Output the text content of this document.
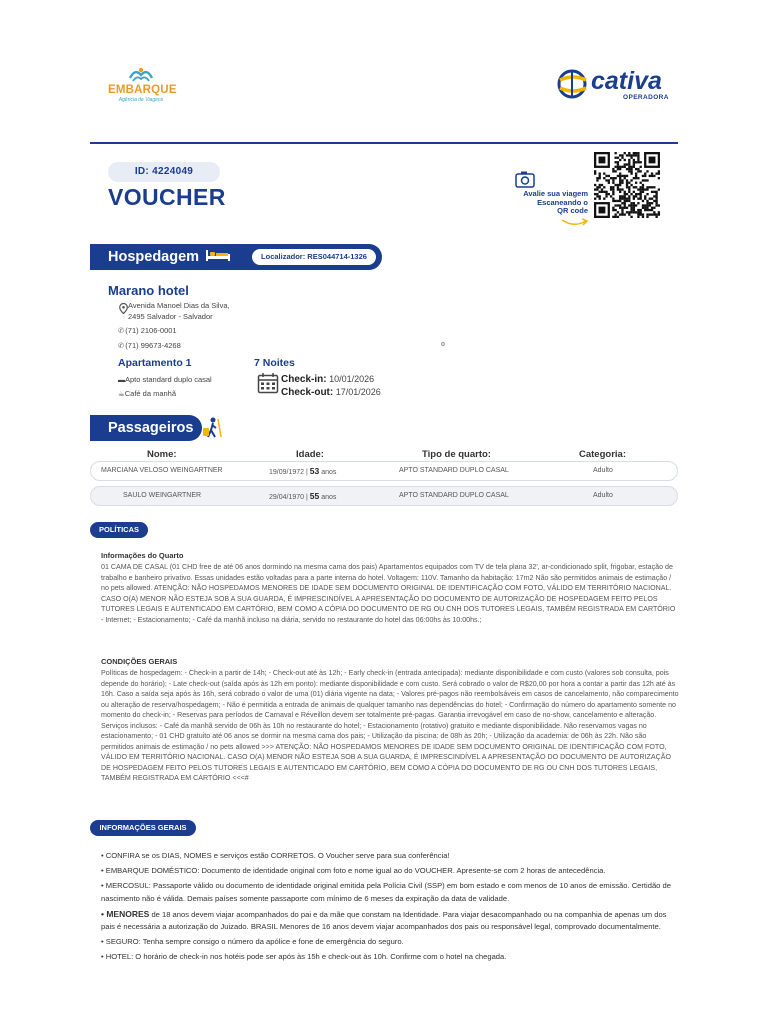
EMBARQUE
Agência de Viagens
cativa
OPERADORA
ID: 4224049
VOUCHER	Avalie sua viagem
Escaneando o
QR code
Hospedagem	Localizador: RES044714-1326
Marano hotel
Avenida Manoel Dias da Silva,
2495 Salvador - Salvador
✆(71) 2106-0001
✆(71) 99673-4268
Apartamento 1
▬Apto standard duplo casal
☕Café da manhã
7 Noites
Check-in: 10/01/2026
Check-out: 17/01/2026
Passageiros
Nome:	Idade:	Tipo de quarto:	Categoria:
MARCIANA VELOSO WEINGARTNER	19/09/1972 | 53 anos	APTO STANDARD DUPLO CASAL	Adulto
SAULO WEINGARTNER	29/04/1970 | 55 anos	APTO STANDARD DUPLO CASAL	Adulto
POLÍTICAS
Informações do Quarto
01 CAMA DE CASAL (01 CHD free de até 06 anos dormindo na mesma cama dos pais) Apartamentos equipados com TV de tela plana 32', ar-condicionado split, frigobar, estação de trabalho e banheiro privativo. Essas unidades estão voltadas para a parte interna do hotel. Voltagem: 110V. Tamanho da habitação: 17m2 Não são permitidos animais de estimação / no pets allowed. ATENÇÃO: NÃO HOSPEDAMOS MENORES DE IDADE SEM DOCUMENTO ORIGINAL DE IDENTIFICAÇÃO COM FOTO, VÁLIDO EM TERRITÓRIO NACIONAL. CASO O(A) MENOR NÃO ESTEJA SOB A SUA GUARDA, É IMPRESCINDÍVEL A APRESENTAÇÃO DO DOCUMENTO DE AUTORIZAÇÃO DE HOSPEDAGEM FEITO PELOS TUTORES LEGAIS E AUTENTICADO EM CARTÓRIO, BEM COMO A CÓPIA DO DOCUMENTO DE RG OU CNH DOS TUTORES LEGAIS, TAMBÉM REGISTRADA EM CARTÓRIO - Internet; - Estacionamento; - Café da manhã incluso na diária, servido no restaurante do hotel das 06:00hs às 10:00hs.;
CONDIÇÕES GERAIS
Políticas de hospedagem: - Check-in a partir de 14h; - Check-out até às 12h; - Early check-in (entrada antecipada): mediante disponibilidade e com custo (valores sob consulta, pois depende do horário); - Late check-out (saída após às 12h em ponto): mediante disponibilidade e com custo. Será cobrado o valor de R$20,00 por hora a contar a partir das 12h até às 16h. Caso a saída seja após às 16h, será cobrado o valor de uma (01) diária vigente na data; - Valores pré-pagos não reembolsáveis em casos de cancelamento, não comparecimento ou alteração de reserva/hospedagem; - Não é permitida a entrada de animais de qualquer tamanho nas dependências do hotel; - Confirmação do número do apartamento somente no momento do check-in; - Reservas para períodos de Carnaval e Réveillon devem ser totalmente pré-pagas. Garantia irrevogável em caso de no-show, cancelamento e alteração. Serviços inclusos: - Café da manhã servido de 06h às 10h no restaurante do hotel; - Estacionamento (rotativo) gratuito e mediante disponibilidade. Não reservamos vagas no estacionamento; - 01 CHD gratuito até 06 anos se dormir na mesma cama dos pais; - Utilização da piscina: de 08h às 20h; - Utilização da academia: de 06h às 22h. Não são permitidos animais de estimação / no pets allowed >>> ATENÇÃO: NÃO HOSPEDAMOS MENORES DE IDADE SEM DOCUMENTO ORIGINAL DE IDENTIFICAÇÃO COM FOTO, VÁLIDO EM TERRITÓRIO NACIONAL. CASO O(A) MENOR NÃO ESTEJA SOB A SUA GUARDA, É IMPRESCINDÍVEL A APRESENTAÇÃO DO DOCUMENTO DE AUTORIZAÇÃO DE HOSPEDAGEM FEITO PELOS TUTORES LEGAIS E AUTENTICADO EM CARTÓRIO, BEM COMO A CÓPIA DO DOCUMENTO DE RG OU CNH DOS TUTORES LEGAIS, TAMBÉM REGISTRADA EM CARTÓRIO <<<#
INFORMAÇÕES GERAIS

• CONFIRA se os DIAS, NOMES e serviços estão CORRETOS. O Voucher serve para sua conferência!

• EMBARQUE DOMÉSTICO: Documento de identidade original com foto e nome igual ao do VOUCHER. Apresente-se com 2 horas de antecedência.

• MERCOSUL: Passaporte válido ou documento de identidade original emitida pela Polícia Civil (SSP) em bom estado e com menos de 10 anos de emissão. Certidão de nascimento não é válida. Demais países somente passaporte com mínimo de 6 meses da expiração da data de validade.

• MENORES de 18 anos devem viajar acompanhados do pai e da mãe que constam na Identidade. Para viajar desacompanhado ou na companhia de apenas um dos pais é necessária a autorização do Juizado. BRASIL Menores de 16 anos devem viajar acompanhados dos pais ou responsável legal, comprovado documentalmente.

• SEGURO: Tenha sempre consigo o número da apólice e fone de emergência do seguro.

• HOTEL: O horário de check-in nos hotéis pode ser após às 15h e check-out às 10h. Confirme com o hotel na chegada.
